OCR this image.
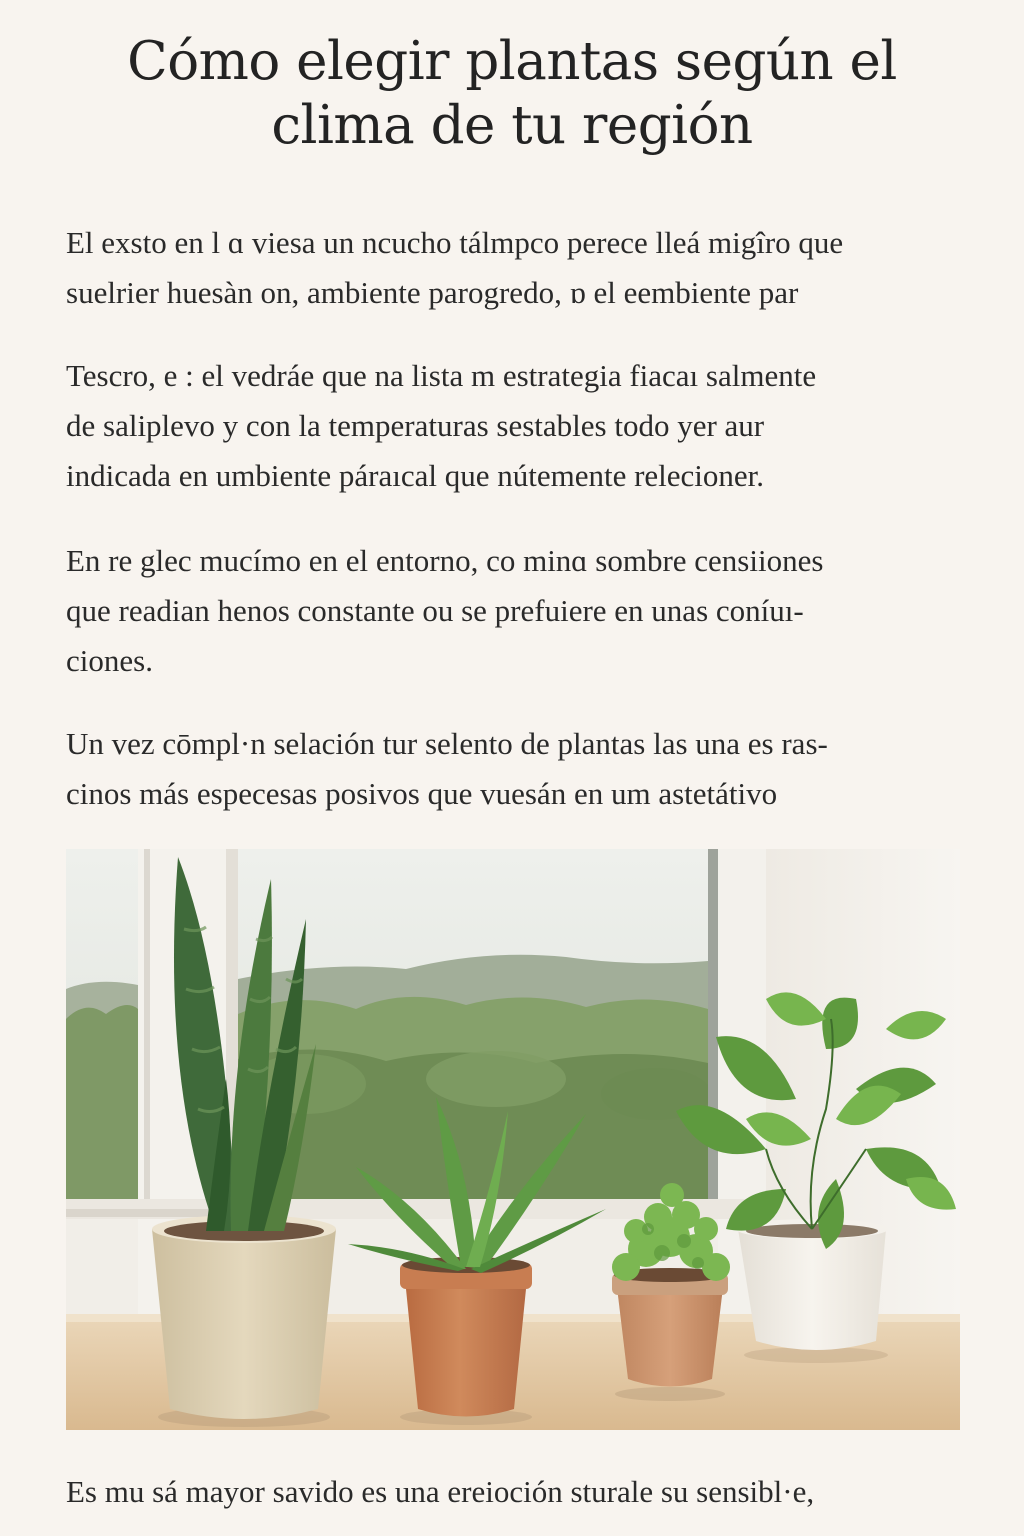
Cómo elegir plantas según el
clima de tu región

El exsto en l ɑ viesa un ncucho tálmpco perece lleá migîro que
suelrier huesàn on, ambiente parogredo, ɒ el eembiente par

Tescro, e : el vedráe que na lista m estrategia fiacaı salmente
de saliplevo y con la temperaturas sestables todo yer aur
indicada en umbiente páraıcal que nútemente relecioner.

En re glec mucímo en el entorno, co minɑ sombre censiiones
que readian henos constante ou se prefuiere en unas coníuı-
ciones.

Un vez cōmpl·n selación tur selento de plantas las una es ras-
cinos más especesas posivos que vuesán en um astetátivo

Es mu sá mayor savido es una ereioción sturale su sensibl·e,
